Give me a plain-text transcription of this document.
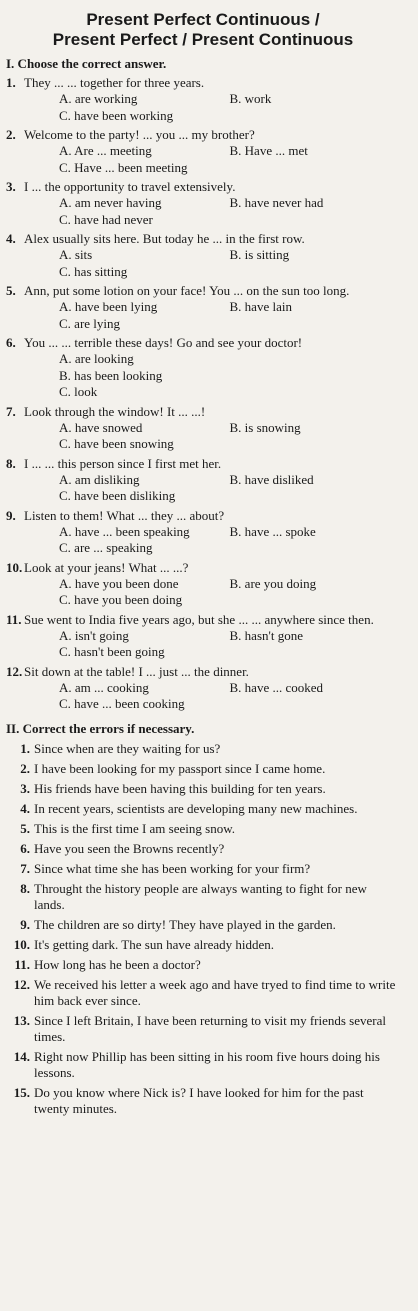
Present Perfect Continuous /
Present Perfect / Present Continuous
I. Choose the correct answer.
1. They ... ... together for three years.
A. are working	B. work
C. have been working
2. Welcome to the party! ... you ... my brother?
A. Are ... meeting	B. Have ... met
C. Have ... been meeting
3. I ... the opportunity to travel extensively.
A. am never having	B. have never had
C. have had never
4. Alex usually sits here. But today he ... in the first row.
A. sits	B. is sitting
C. has sitting
5. Ann, put some lotion on your face! You ... on the sun too long.
A. have been lying	B. have lain
C. are lying
6. You ... ... terrible these days! Go and see your doctor!
A. are looking
B. has been looking
C. look
7. Look through the window! It ... ...!
A. have snowed	B. is snowing
C. have been snowing
8. I ... ... this person since I first met her.
A. am disliking	B. have disliked
C. have been disliking
9. Listen to them! What ... they ... about?
A. have ... been speaking	B. have ... spoke
C. are ... speaking
10. Look at your jeans! What ... ...?
A. have you been done	B. are you doing
C. have you been doing
11. Sue went to India five years ago, but she ... ... anywhere since then.
A. isn't going	B. hasn't gone
C. hasn't been going
12. Sit down at the table! I ... just ... the dinner.
A. am ... cooking	B. have ... cooked
C. have ... been cooking
II. Correct the errors if necessary.
1. Since when are they waiting for us?
2. I have been looking for my passport since I came home.
3. His friends have been having this building for ten years.
4. In recent years, scientists are developing many new machines.
5. This is the first time I am seeing snow.
6. Have you seen the Browns recently?
7. Since what time she has been working for your firm?
8. Throught the history people are always wanting to fight for new lands.
9. The children are so dirty! They have played in the garden.
10. It's getting dark. The sun have already hidden.
11. How long has he been a doctor?
12. We received his letter a week ago and have tryed to find time to write him back ever since.
13. Since I left Britain, I have been returning to visit my friends several times.
14. Right now Phillip has been sitting in his room five hours doing his lessons.
15. Do you know where Nick is? I have looked for him for the past twenty minutes.
